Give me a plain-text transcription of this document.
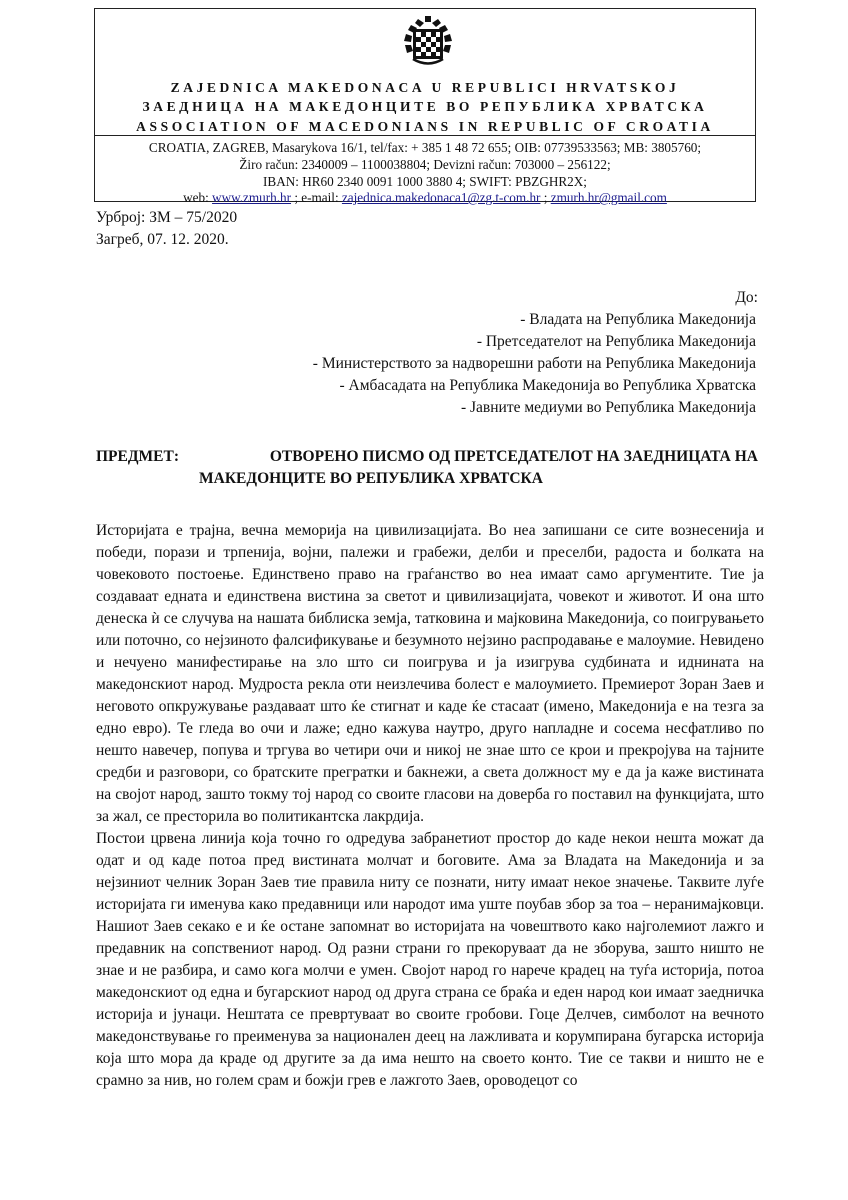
ZAJEDNICA MAKEDONACA U REPUBLICI HRVATSKOJ
ЗАЕДНИЦА НА МАКЕДОНЦИТЕ ВО РЕПУБЛИКА ХРВАТСКА
ASSOCIATION OF MACEDONIANS IN REPUBLIC OF CROATIA
CROATIA, ZAGREB, Masarykova 16/1, tel/fax: + 385 1 48 72 655; OIB: 07739533563; MB: 3805760;
Žiro račun: 2340009 – 1100038804; Devizni račun: 703000 – 256122;
IBAN: HR60 2340 0091 1000 3880 4; SWIFT: PBZGHR2X;
web: www.zmurh.hr ; e-mail: zajednica.makedonaca1@zg.t-com.hr ; zmurh.hr@gmail.com
Урброј: ЗМ – 75/2020
Загреб, 07. 12. 2020.
До:
- Владата на Република Македонија
- Претседателот на Република Македонија
- Министерството за надворешни работи на Република Македонија
- Амбасадата на Република Македонија во Република Хрватска
- Јавните медиуми во Република Македонија
ПРЕДМЕТ:	ОТВОРЕНО ПИСМО ОД ПРЕТСЕДАТЕЛОТ НА ЗАЕДНИЦАТА НА
МАКЕДОНЦИТЕ ВО РЕПУБЛИКА ХРВАТСКА

Историјата е трајна, вечна меморија на цивилизацијата. Во неа запишани се сите вознесенија и победи, порази и трпенија, војни, палежи и грабежи, делби и преселби, радоста и болката на човековото постоење. Единствено право на граѓанство во неа имаат само аргументите. Тие ја создаваат едната и единствена вистина за светот и цивилизацијата, човекот и животот. И она што денеска ѝ се случува на нашата библиска земја, татковина и мајковина Македонија, со поигрувањето или поточно, со нејзиното фалсификување и безумното нејзино распродавање е малоумие. Невидено и нечуено манифестирање на зло што си поигрува и ја изигрува судбината и иднината на македонскиот народ. Мудроста рекла оти неизлечива болест е малоумието. Премиерот Зоран Заев и неговото опкружување раздаваат што ќе стигнат и каде ќе стасаат (имено, Македонија е на тезга за едно евро). Те гледа во очи и лаже; едно кажува наутро, друго напладне и сосема несфатливо по нешто навечер, попува и тргува во четири очи и никој не знае што се крои и прекројува на тајните средби и разговори, со братските прегратки и бакнежи, а света должност му е да ја каже вистината на својот народ, зашто токму тој народ со своите гласови на доверба го поставил на функцијата, што за жал, се престорила во политикантска лакрдија.

Постои црвена линија која точно го одредува забранетиот простор до каде некои нешта можат да одат и од каде потоа пред вистината молчат и боговите. Ама за Владата на Македонија и за нејзиниот челник Зоран Заев тие правила ниту се познати, ниту имаат некое значење. Таквите луѓе историјата ги именува како предавници или народот има уште поубав збор за тоа – неранимајковци. Нашиот Заев секако е и ќе остане запомнат во историјата на човештвото како најголемиот лажго и предавник на сопствениот народ. Од разни страни го прекоруваат да не зборува, зашто ништо не знае и не разбира, и само кога молчи е умен. Својот народ го нарече крадец на туѓа историја, потоа македонскиот од една и бугарскиот народ од друга страна се браќа и еден народ кои имаат заедничка историја и јунаци. Нештата се превртуваат во своите гробови. Гоце Делчев, симболот на вечното македонствување го преименува за национален деец на лажливата и корумпирана бугарска историја која што мора да краде од другите за да има нешто на своето конто. Тие се такви и ништо не е срамно за нив, но голем срам и божји грев е лажгото Заев, ороводецот со
